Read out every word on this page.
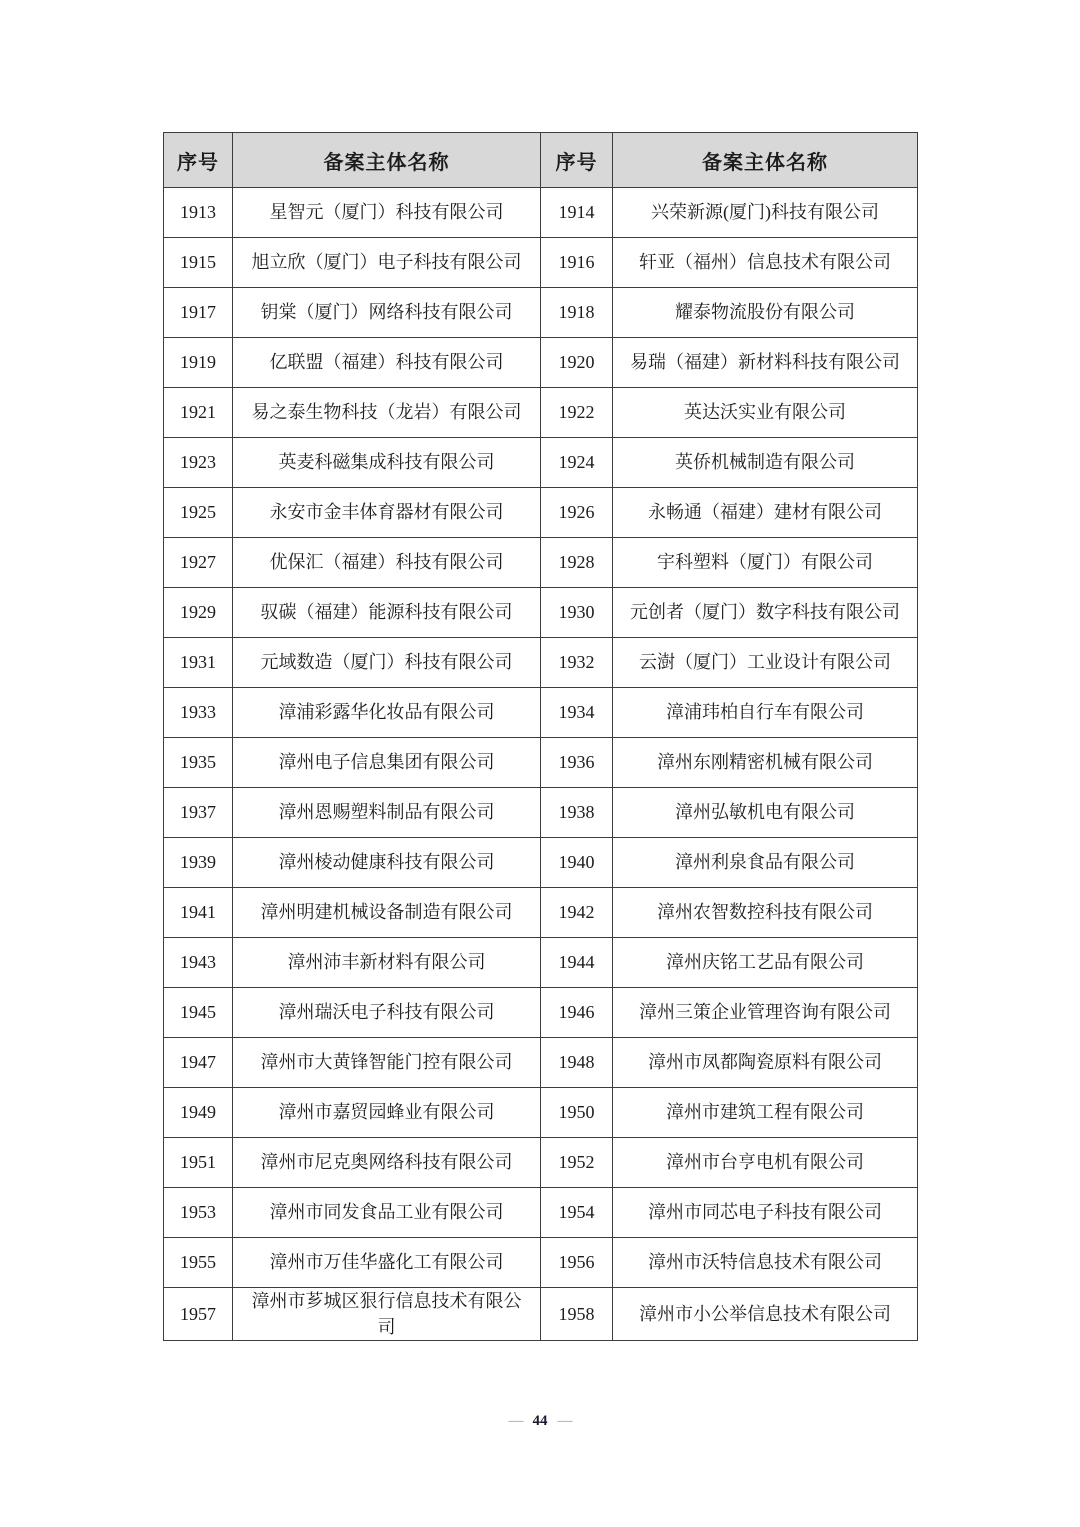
序号	备案主体名称	序号	备案主体名称
1913	星智元（厦门）科技有限公司	1914	兴荣新源(厦门)科技有限公司
1915	旭立欣（厦门）电子科技有限公司	1916	轩亚（福州）信息技术有限公司
1917	钥棠（厦门）网络科技有限公司	1918	耀泰物流股份有限公司
1919	亿联盟（福建）科技有限公司	1920	易瑞（福建）新材料科技有限公司
1921	易之泰生物科技（龙岩）有限公司	1922	英达沃实业有限公司
1923	英麦科磁集成科技有限公司	1924	英侨机械制造有限公司
1925	永安市金丰体育器材有限公司	1926	永畅通（福建）建材有限公司
1927	优保汇（福建）科技有限公司	1928	宇科塑料（厦门）有限公司
1929	驭碳（福建）能源科技有限公司	1930	元创者（厦门）数字科技有限公司
1931	元域数造（厦门）科技有限公司	1932	云澍（厦门）工业设计有限公司
1933	漳浦彩露华化妆品有限公司	1934	漳浦玮柏自行车有限公司
1935	漳州电子信息集团有限公司	1936	漳州东刚精密机械有限公司
1937	漳州恩赐塑料制品有限公司	1938	漳州弘敏机电有限公司
1939	漳州棱动健康科技有限公司	1940	漳州利泉食品有限公司
1941	漳州明建机械设备制造有限公司	1942	漳州农智数控科技有限公司
1943	漳州沛丰新材料有限公司	1944	漳州庆铭工艺品有限公司
1945	漳州瑞沃电子科技有限公司	1946	漳州三策企业管理咨询有限公司
1947	漳州市大黄锋智能门控有限公司	1948	漳州市凤都陶瓷原料有限公司
1949	漳州市嘉贸园蜂业有限公司	1950	漳州市建筑工程有限公司
1951	漳州市尼克奥网络科技有限公司	1952	漳州市台亨电机有限公司
1953	漳州市同发食品工业有限公司	1954	漳州市同芯电子科技有限公司
1955	漳州市万佳华盛化工有限公司	1956	漳州市沃特信息技术有限公司
1957	漳州市芗城区狠行信息技术有限公司	1958	漳州市小公举信息技术有限公司
— 44 —
